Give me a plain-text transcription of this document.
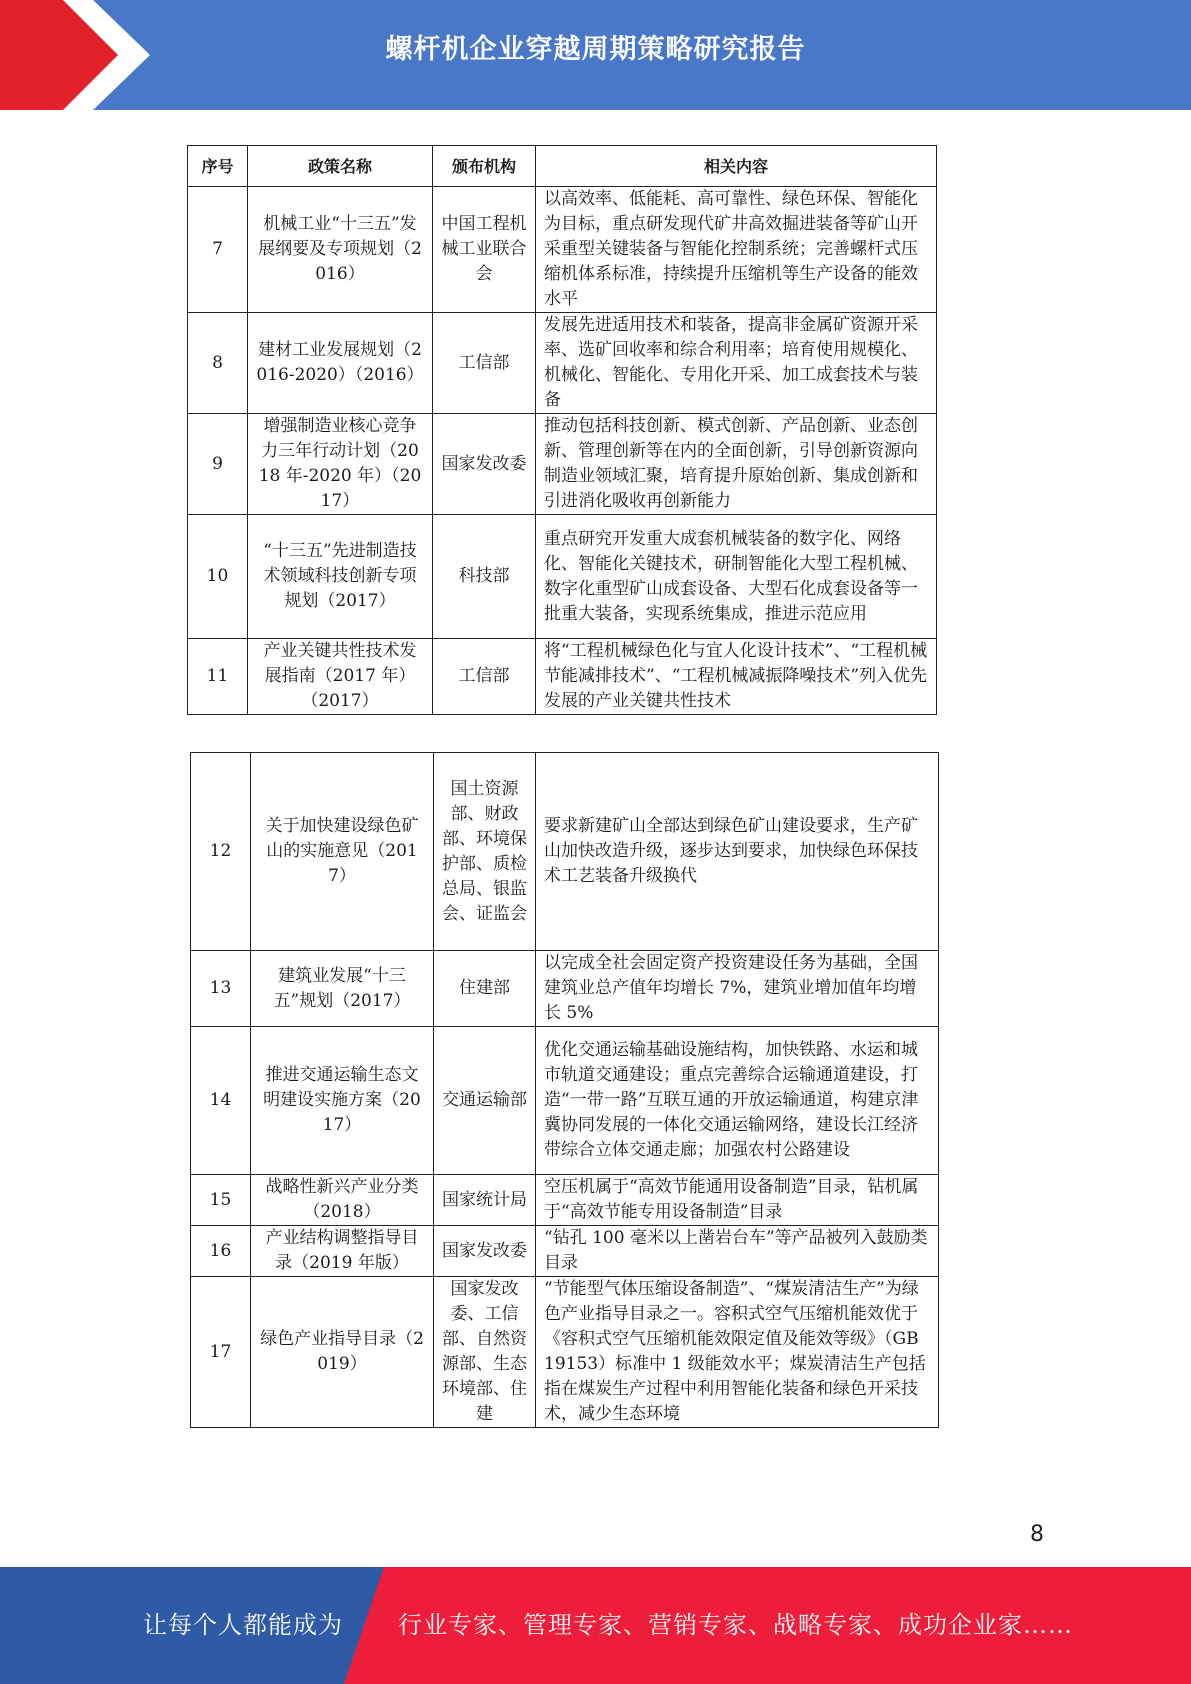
螺杆机企业穿越周期策略研究报告
序号	政策名称	颁布机构	相关内容
7	机械工业“十三五”发展纲要及专项规划（2016）	中国工程机械工业联合会	以高效率、低能耗、高可靠性、绿色环保、智能化为目标，重点研发现代矿井高效掘进装备等矿山开采重型关键装备与智能化控制系统；完善螺杆式压缩机体系标准，持续提升压缩机等生产设备的能效水平
8	建材工业发展规划（2016-2020）（2016）	工信部	发展先进适用技术和装备，提高非金属矿资源开采率、选矿回收率和综合利用率；培育使用规模化、机械化、智能化、专用化开采、加工成套技术与装备
9	增强制造业核心竞争力三年行动计划（2018 年-2020 年）（2017）	国家发改委	推动包括科技创新、模式创新、产品创新、业态创新、管理创新等在内的全面创新，引导创新资源向制造业领域汇聚，培育提升原始创新、集成创新和引进消化吸收再创新能力
10	“十三五”先进制造技术领域科技创新专项规划（2017）	科技部	重点研究开发重大成套机械装备的数字化、网络化、智能化关键技术，研制智能化大型工程机械、数字化重型矿山成套设备、大型石化成套设备等一批重大装备，实现系统集成，推进示范应用
11	产业关键共性技术发展指南（2017 年）（2017）	工信部	将“工程机械绿色化与宜人化设计技术”、“工程机械节能减排技术”、“工程机械减振降噪技术”列入优先发展的产业关键共性技术
12	关于加快建设绿色矿山的实施意见（2017）	国土资源部、财政部、环境保护部、质检总局、银监会、证监会	要求新建矿山全部达到绿色矿山建设要求，生产矿山加快改造升级，逐步达到要求，加快绿色环保技术工艺装备升级换代
13	建筑业发展“十三五”规划（2017）	住建部	以完成全社会固定资产投资建设任务为基础，全国建筑业总产值年均增长 7%，建筑业增加值年均增长 5%
14	推进交通运输生态文明建设实施方案（2017）	交通运输部	优化交通运输基础设施结构，加快铁路、水运和城市轨道交通建设；重点完善综合运输通道建设，打造“一带一路”互联互通的开放运输通道，构建京津冀协同发展的一体化交通运输网络，建设长江经济带综合立体交通走廊；加强农村公路建设
15	战略性新兴产业分类（2018）	国家统计局	空压机属于“高效节能通用设备制造”目录，钻机属于“高效节能专用设备制造”目录
16	产业结构调整指导目录（2019 年版）	国家发改委	“钻孔 100 毫米以上凿岩台车”等产品被列入鼓励类目录
17	绿色产业指导目录（2019）	国家发改委、工信部、自然资源部、生态环境部、住建	“节能型气体压缩设备制造”、“煤炭清洁生产”为绿色产业指导目录之一。容积式空气压缩机能效优于《容积式空气压缩机能效限定值及能效等级》（GB 19153）标准中 1 级能效水平；煤炭清洁生产包括指在煤炭生产过程中利用智能化装备和绿色开采技术，减少生态环境
8
让每个人都能成为 行业专家、管理专家、营销专家、战略专家、成功企业家……
